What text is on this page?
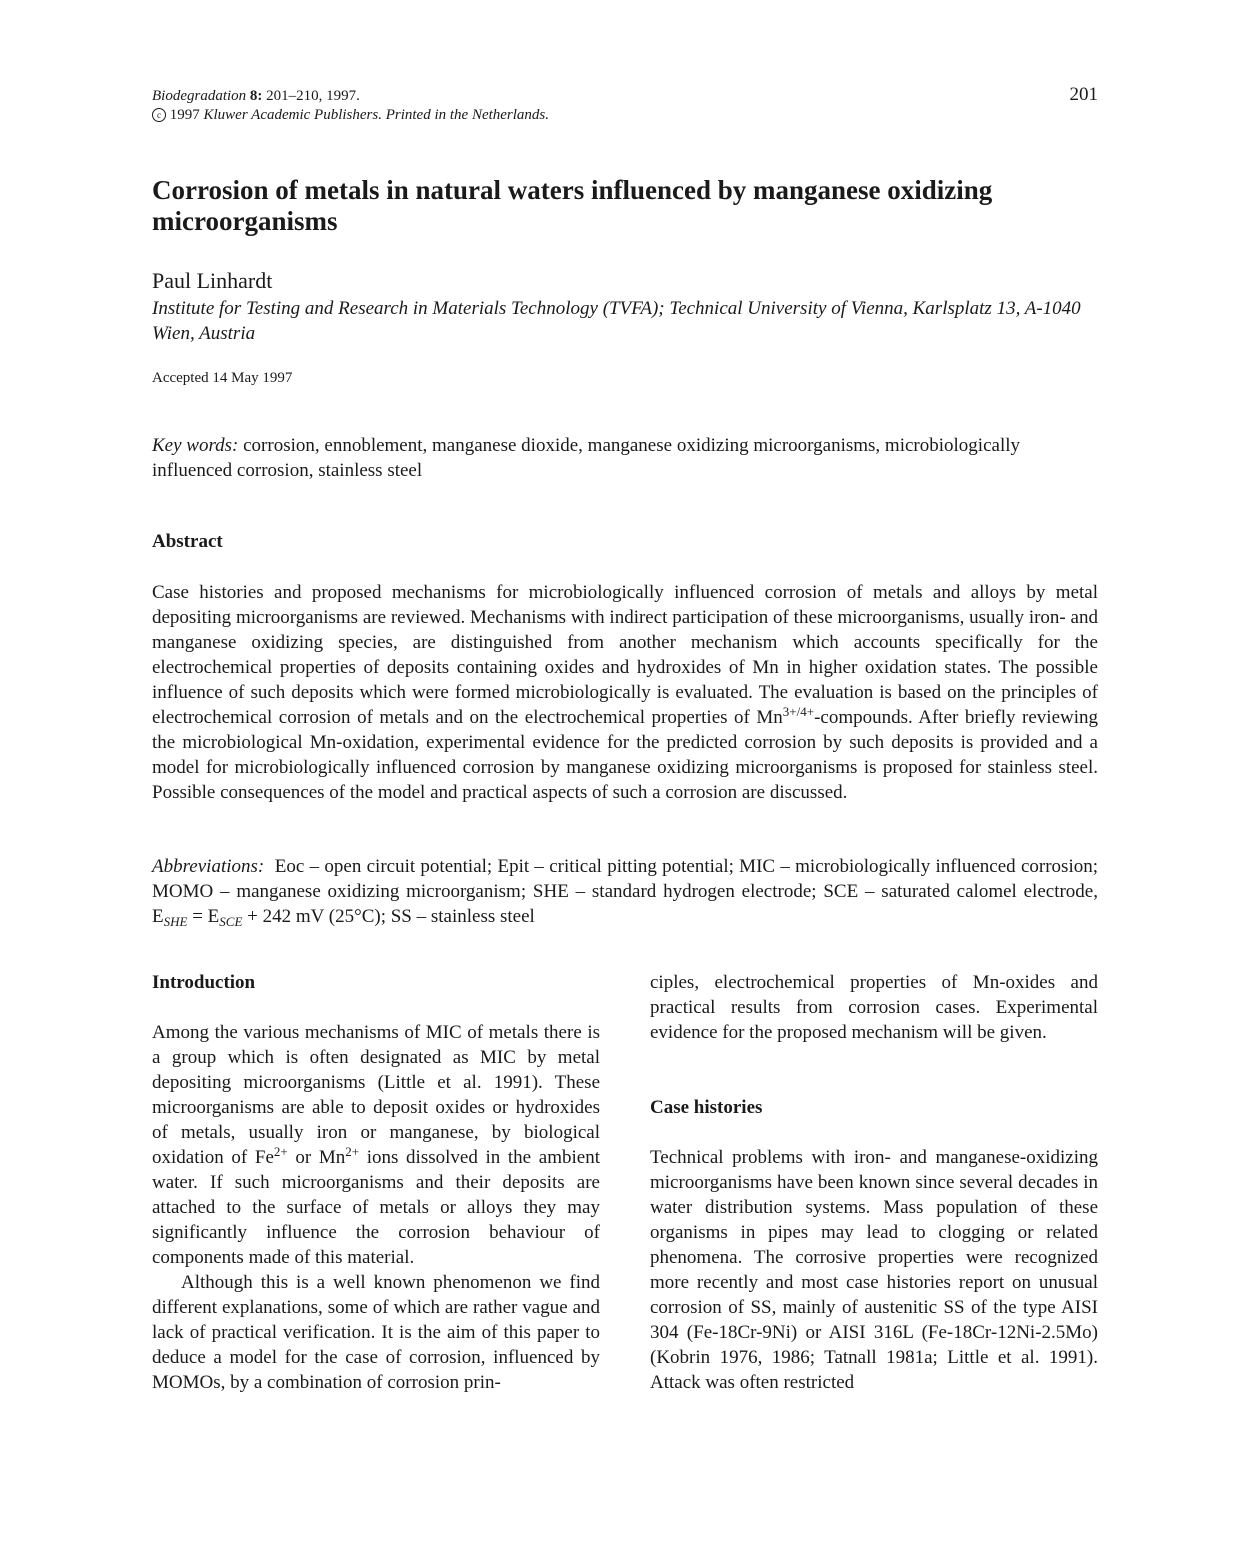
Biodegradation 8: 201–210, 1997.
c 1997 Kluwer Academic Publishers. Printed in the Netherlands.
201
Corrosion of metals in natural waters influenced by manganese oxidizing microorganisms
Paul Linhardt
Institute for Testing and Research in Materials Technology (TVFA); Technical University of Vienna, Karlsplatz 13, A-1040 Wien, Austria
Accepted 14 May 1997
Key words: corrosion, ennoblement, manganese dioxide, manganese oxidizing microorganisms, microbiologically influenced corrosion, stainless steel
Abstract

Case histories and proposed mechanisms for microbiologically influenced corrosion of metals and alloys by metal depositing microorganisms are reviewed. Mechanisms with indirect participation of these microorganisms, usually iron- and manganese oxidizing species, are distinguished from another mechanism which accounts specifically for the electrochemical properties of deposits containing oxides and hydroxides of Mn in higher oxidation states. The possible influence of such deposits which were formed microbiologically is evaluated. The evaluation is based on the principles of electrochemical corrosion of metals and on the electrochemical properties of $Mn^{3+/4+}$-compounds. After briefly reviewing the microbiological Mn-oxidation, experimental evidence for the predicted corrosion by such deposits is provided and a model for microbiologically influenced corrosion by manganese oxidizing microorganisms is proposed for stainless steel. Possible consequences of the model and practical aspects of such a corrosion are discussed.

Abbreviations: Eoc – open circuit potential; Epit – critical pitting potential; MIC – microbiologically influenced corrosion; MOMO – manganese oxidizing microorganism; SHE – standard hydrogen electrode; SCE – saturated calomel electrode, $E_{SHE} = E_{SCE} + 242$ mV (25°C); SS – stainless steel

Introduction

Among the various mechanisms of MIC of metals there is a group which is often designated as MIC by metal depositing microorganisms (Little et al. 1991). These microorganisms are able to deposit oxides or hydroxides of metals, usually iron or manganese, by biological oxidation of $Fe^{2+}$ or $Mn^{2+}$ ions dissolved in the ambient water. If such microorganisms and their deposits are attached to the surface of metals or alloys they may significantly influence the corrosion behaviour of components made of this material.

Although this is a well known phenomenon we find different explanations, some of which are rather vague and lack of practical verification. It is the aim of this paper to deduce a model for the case of corrosion, influenced by MOMOs, by a combination of corrosion prin-

ciples, electrochemical properties of Mn-oxides and practical results from corrosion cases. Experimental evidence for the proposed mechanism will be given.

Case histories

Technical problems with iron- and manganese-oxidizing microorganisms have been known since several decades in water distribution systems. Mass population of these organisms in pipes may lead to clogging or related phenomena. The corrosive properties were recognized more recently and most case histories report on unusual corrosion of SS, mainly of austenitic SS of the type AISI 304 (Fe-18Cr-9Ni) or AISI 316L (Fe-18Cr-12Ni-2.5Mo) (Kobrin 1976, 1986; Tatnall 1981a; Little et al. 1991). Attack was often restricted
